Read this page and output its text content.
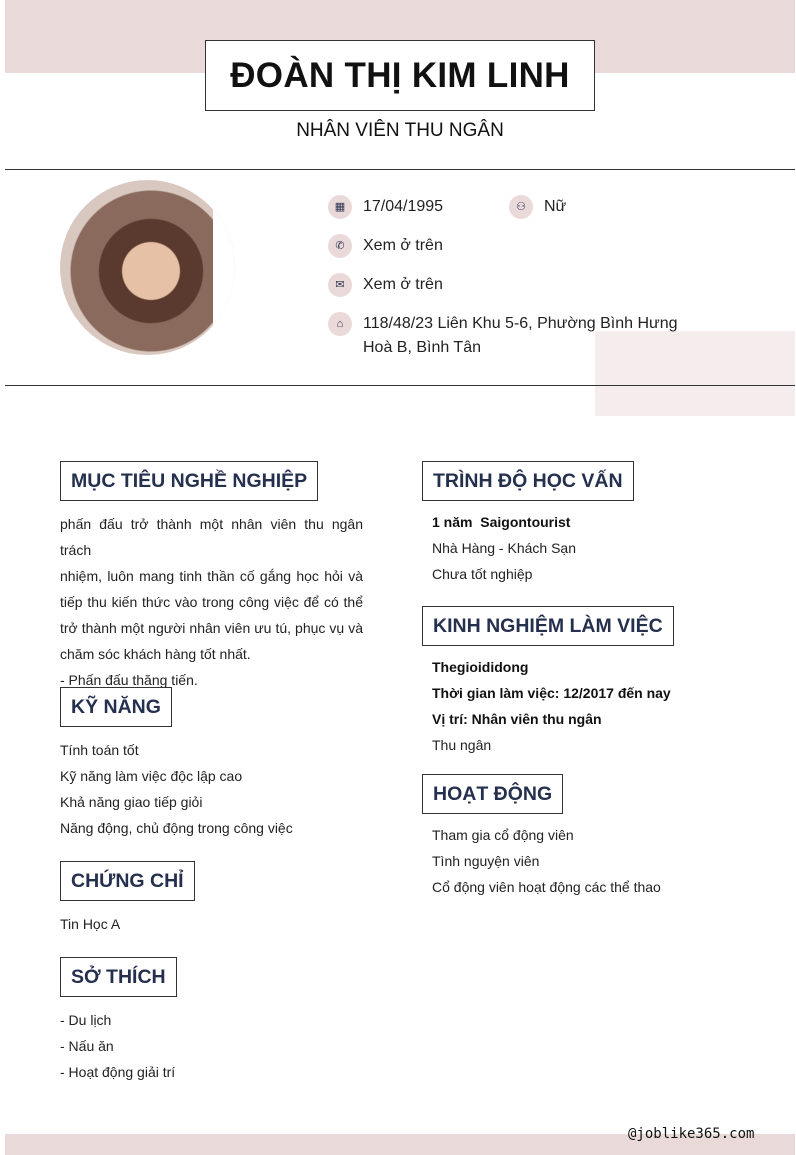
ĐOÀN THỊ KIM LINH
NHÂN VIÊN THU NGÂN
▦	17/04/1995	⚇	Nữ
✆	Xem ở trên
✉	Xem ở trên
⌂	118/48/23 Liên Khu 5-6, Phường Bình Hưng
Hoà B, Bình Tân
MỤC TIÊU NGHỀ NGHIỆP
phấn đấu trở thành một nhân viên thu ngân trách
nhiệm, luôn mang tinh thần cố gắng học hỏi và
tiếp thu kiến thức vào trong công việc để có thể
trở thành một người nhân viên ưu tú, phục vụ và
chăm sóc khách hàng tốt nhất.
- Phấn đấu thăng tiến.
KỸ NĂNG
Tính toán tốt
Kỹ năng làm việc độc lập cao
Khả năng giao tiếp giỏi
Năng động, chủ động trong công việc
CHỨNG CHỈ
Tin Học A
SỞ THÍCH
- Du lịch
- Nấu ăn
- Hoạt động giải trí
TRÌNH ĐỘ HỌC VẤN
1 năm Saigontourist
Nhà Hàng - Khách Sạn
Chưa tốt nghiệp
KINH NGHIỆM LÀM VIỆC
Thegioididong
Thời gian làm việc: 12/2017 đến nay
Vị trí: Nhân viên thu ngân
Thu ngân
HOẠT ĐỘNG
Tham gia cổ động viên
Tình nguyện viên
Cổ động viên hoạt động các thể thao
@joblike365.com
